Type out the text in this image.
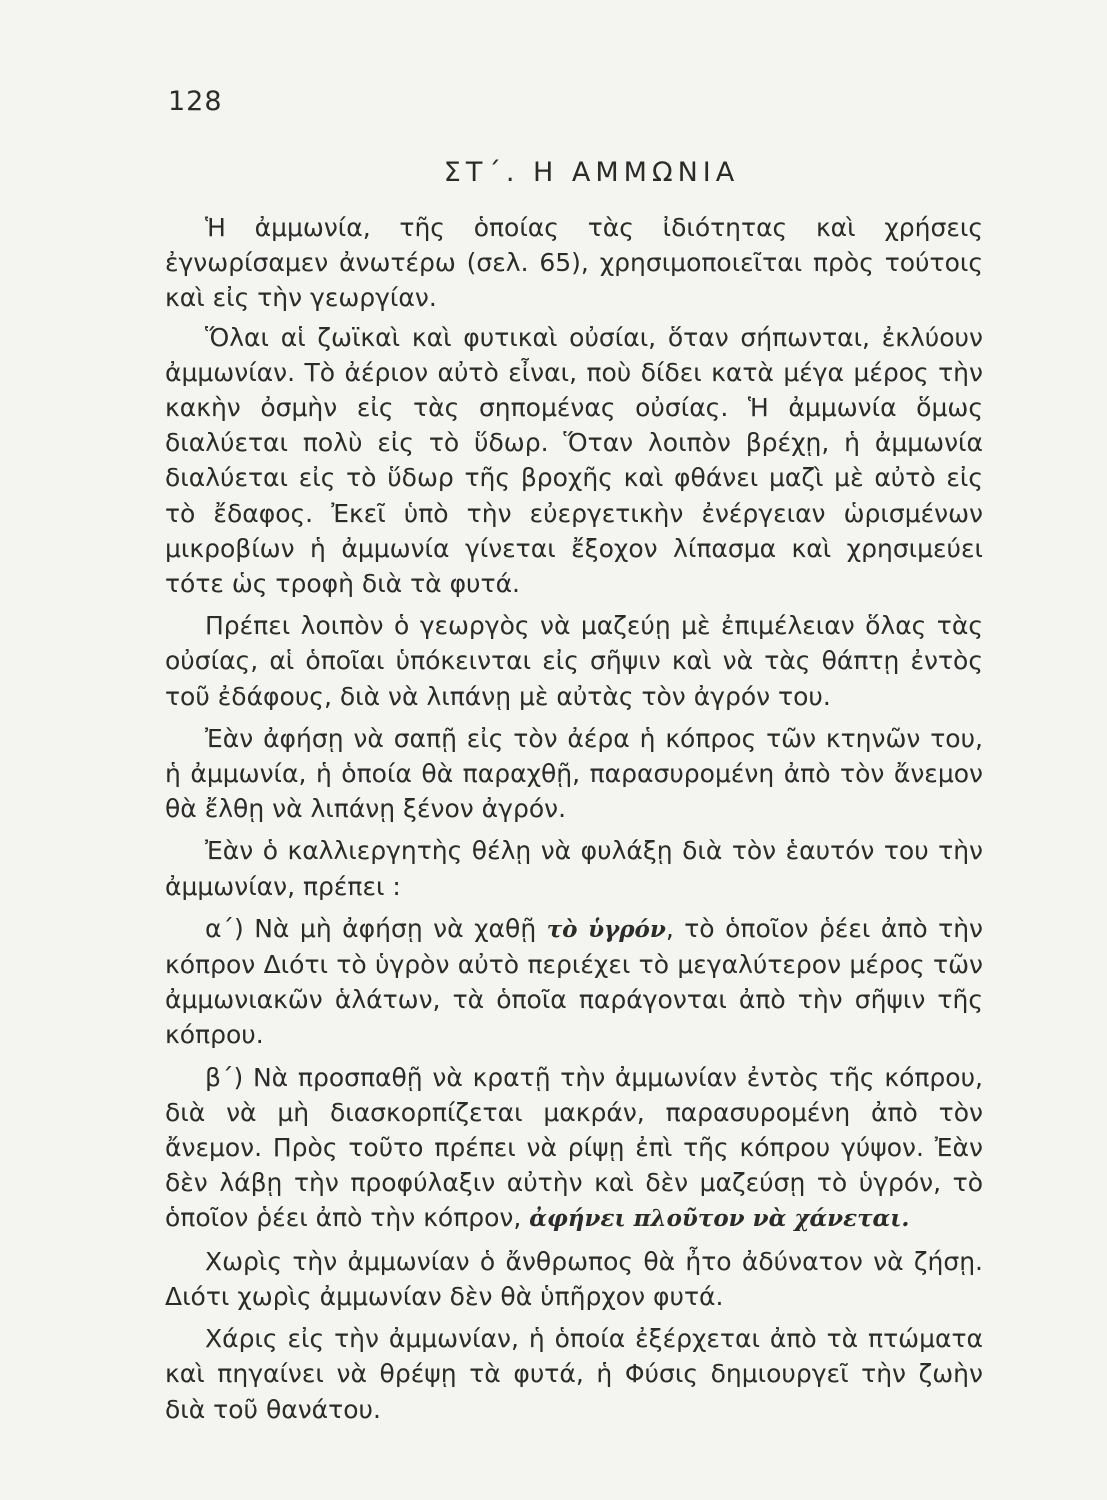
128
ΣΤ΄. Η ΑΜΜΩΝΙΑ

Ἡ ἀμμωνία, τῆς ὁποίας τὰς ἰδιότητας καὶ χρήσεις ἐγνωρίσαμεν ἀνωτέρω (σελ. 65), χρησιμοποιεῖται πρὸς τούτοις καὶ εἰς τὴν γεωργίαν.

Ὅλαι αἱ ζωϊκαὶ καὶ φυτικαὶ οὐσίαι, ὅταν σήπωνται, ἐκλύουν ἀμμωνίαν. Τὸ ἀέριον αὐτὸ εἶναι, ποὺ δίδει κατὰ μέγα μέρος τὴν κακὴν ὀσμὴν εἰς τὰς σηπομένας οὐσίας. Ἡ ἀμμωνία ὅμως διαλύεται πολὺ εἰς τὸ ὕδωρ. Ὅταν λοιπὸν βρέχῃ, ἡ ἀμμωνία διαλύεται εἰς τὸ ὕδωρ τῆς βροχῆς καὶ φθάνει μαζὶ μὲ αὐτὸ εἰς τὸ ἔδαφος. Ἐκεῖ ὑπὸ τὴν εὐεργετικὴν ἐνέργειαν ὡρισμένων μικροβίων ἡ ἀμμωνία γίνεται ἔξοχον λίπασμα καὶ χρησιμεύει τότε ὡς τροφὴ διὰ τὰ φυτά.

Πρέπει λοιπὸν ὁ γεωργὸς νὰ μαζεύῃ μὲ ἐπιμέλειαν ὅλας τὰς οὐσίας, αἱ ὁποῖαι ὑπόκεινται εἰς σῆψιν καὶ νὰ τὰς θάπτῃ ἐντὸς τοῦ ἐδάφους, διὰ νὰ λιπάνῃ μὲ αὐτὰς τὸν ἀγρόν του.

Ἐὰν ἀφήσῃ νὰ σαπῇ εἰς τὸν ἀέρα ἡ κόπρος τῶν κτηνῶν του, ἡ ἀμμωνία, ἡ ὁποία θὰ παραχθῇ, παρασυρομένη ἀπὸ τὸν ἄνεμον θὰ ἔλθῃ νὰ λιπάνῃ ξένον ἀγρόν.

Ἐὰν ὁ καλλιεργητὴς θέλῃ νὰ φυλάξῃ διὰ τὸν ἑαυτόν του τὴν ἀμμωνίαν, πρέπει :

α΄) Νὰ μὴ ἀφήσῃ νὰ χαθῇ τὸ ὑγρόν, τὸ ὁποῖον ῥέει ἀπὸ τὴν κόπρον Διότι τὸ ὑγρὸν αὐτὸ περιέχει τὸ μεγαλύτερον μέρος τῶν ἀμμωνιακῶν ἁλάτων, τὰ ὁποῖα παράγονται ἀπὸ τὴν σῆψιν τῆς κόπρου.

β΄) Νὰ προσπαθῇ νὰ κρατῇ τὴν ἀμμωνίαν ἐντὸς τῆς κόπρου, διὰ νὰ μὴ διασκορπίζεται μακράν, παρασυρομένη ἀπὸ τὸν ἄνεμον. Πρὸς τοῦτο πρέπει νὰ ρίψῃ ἐπὶ τῆς κόπρου γύψον. Ἐὰν δὲν λάβῃ τὴν προφύλαξιν αὐτὴν καὶ δὲν μαζεύσῃ τὸ ὑγρόν, τὸ ὁποῖον ῥέει ἀπὸ τὴν κόπρον, ἀφήνει πλοῦτον νὰ χάνεται.

Χωρὶς τὴν ἀμμωνίαν ὁ ἄνθρωπος θὰ ἦτο ἀδύνατον νὰ ζήσῃ. Διότι χωρὶς ἀμμωνίαν δὲν θὰ ὑπῆρχον φυτά.

Χάρις εἰς τὴν ἀμμωνίαν, ἡ ὁποία ἐξέρχεται ἀπὸ τὰ πτώματα καὶ πηγαίνει νὰ θρέψῃ τὰ φυτά, ἡ Φύσις δημιουργεῖ τὴν ζωὴν διὰ τοῦ θανάτου.
